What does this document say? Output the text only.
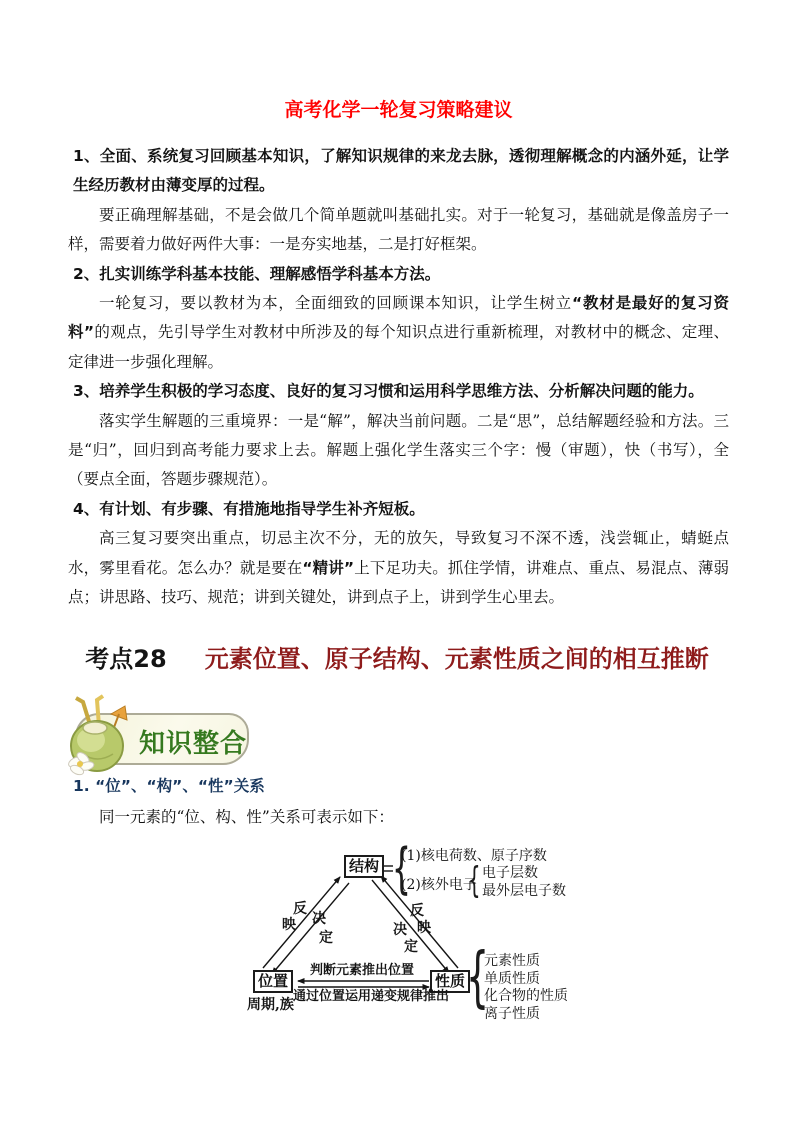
高考化学一轮复习策略建议

1、全面、系统复习回顾基本知识，了解知识规律的来龙去脉，透彻理解概念的内涵外延，让学生经历教材由薄变厚的过程。

要正确理解基础，不是会做几个简单题就叫基础扎实。对于一轮复习，基础就是像盖房子一样，需要着力做好两件大事：一是夯实地基，二是打好框架。

2、扎实训练学科基本技能、理解感悟学科基本方法。

一轮复习，要以教材为本，全面细致的回顾课本知识，让学生树立“教材是最好的复习资料”的观点，先引导学生对教材中所涉及的每个知识点进行重新梳理，对教材中的概念、定理、定律进一步强化理解。

3、培养学生积极的学习态度、良好的复习习惯和运用科学思维方法、分析解决问题的能力。

落实学生解题的三重境界：一是“解”，解决当前问题。二是“思”，总结解题经验和方法。三是“归”，回归到高考能力要求上去。解题上强化学生落实三个字：慢（审题），快（书写），全（要点全面，答题步骤规范）。

4、有计划、有步骤、有措施地指导学生补齐短板。

高三复习要突出重点，切忌主次不分，无的放矢，导致复习不深不透，浅尝辄止，蜻蜓点水，雾里看花。怎么办？就是要在“精讲”上下足功夫。抓住学情，讲难点、重点、易混点、薄弱点；讲思路、技巧、规范；讲到关键处，讲到点子上，讲到学生心里去。

考点28 元素位置、原子结构、元素性质之间的相互推断
知识整合
1. “位”、“构”、“性”关系
同一元素的“位、构、性”关系可表示如下：
结构
位置	性质
{ {
{
(1)核电荷数、原子序数
(2)核外电子
电子层数
最外层电子数
反
映 决
定
反
映
决
定
判断元素推出位置
通过位置运用递变规律推出
周期,族
元素性质
单质性质
化合物的性质
离子性质
